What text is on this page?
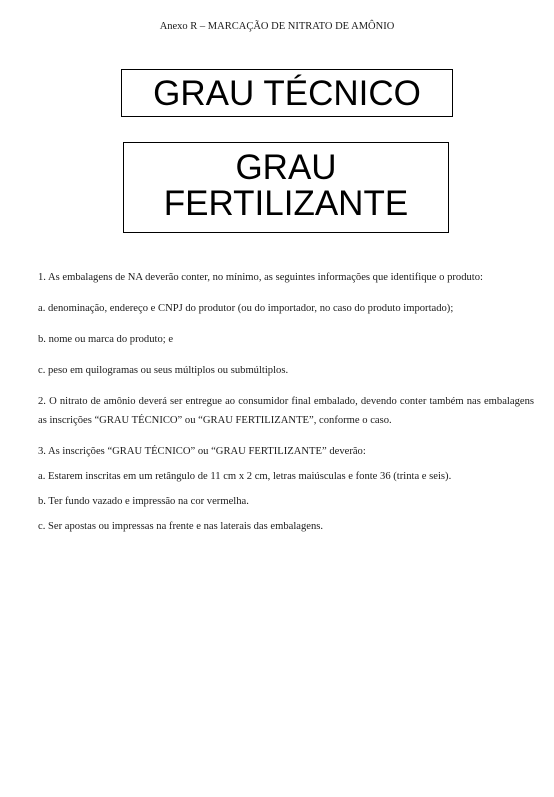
Anexo R – MARCAÇÃO DE NITRATO DE AMÔNIO
GRAU TÉCNICO
GRAU
FERTILIZANTE
1. As embalagens de NA deverão conter, no mínimo, as seguintes informações que identifique o produto:
a. denominação, endereço e CNPJ do produtor (ou do importador, no caso do produto importado);
b. nome ou marca do produto; e
c. peso em quilogramas ou seus múltiplos ou submúltiplos.
2. O nitrato de amônio deverá ser entregue ao consumidor final embalado, devendo conter também nas embalagens as inscrições “GRAU TÉCNICO” ou “GRAU FERTILIZANTE”, conforme o caso.
3. As inscrições “GRAU TÉCNICO” ou “GRAU FERTILIZANTE” deverão:
a. Estarem inscritas em um retângulo de 11 cm x 2 cm, letras maiúsculas e fonte 36 (trinta e seis).
b. Ter fundo vazado e impressão na cor vermelha.
c. Ser apostas ou impressas na frente e nas laterais das embalagens.
